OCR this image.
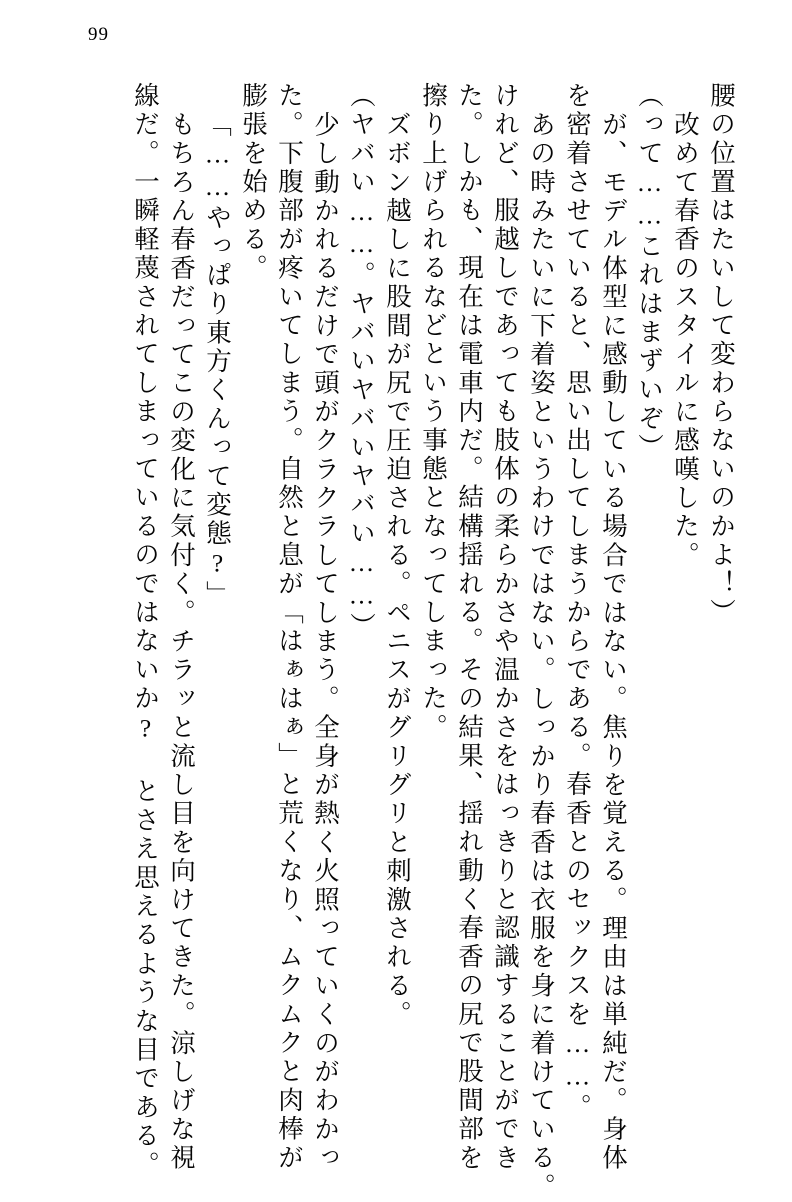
99
腰の位置はたいして変わらないのかよ！）
改めて春香のスタイルに感嘆した。
（って……これはまずいぞ）
が、モデル体型に感動している場合ではない。焦りを覚える。理由は単純だ。身体
を密着させていると、思い出してしまうからである。春香とのセックスを……。
あの時みたいに下着姿というわけではない。しっかり春香は衣服を身に着けている。
けれど、服越しであっても肢体の柔らかさや温かさをはっきりと認識することができ
た。しかも、現在は電車内だ。結構揺れる。その結果、揺れ動く春香の尻で股間部を
擦り上げられるなどという事態となってしまった。
ズボン越しに股間が尻で圧迫される。ペニスがグリグリと刺激される。
（ヤバい……。ヤバいヤバいヤバい……）
少し動かれるだけで頭がクラクラしてしまう。全身が熱く火照っていくのがわかっ
た。下腹部が疼いてしまう。自然と息が「はぁはぁ」と荒くなり、ムクムクと肉棒が
膨張を始める。
「……やっぱり東方くんって変態?」
もちろん春香だってこの変化に気付く。チラッと流し目を向けてきた。涼しげな視
線だ。一瞬軽蔑されてしまっているのではないか? とさえ思えるような目である。
